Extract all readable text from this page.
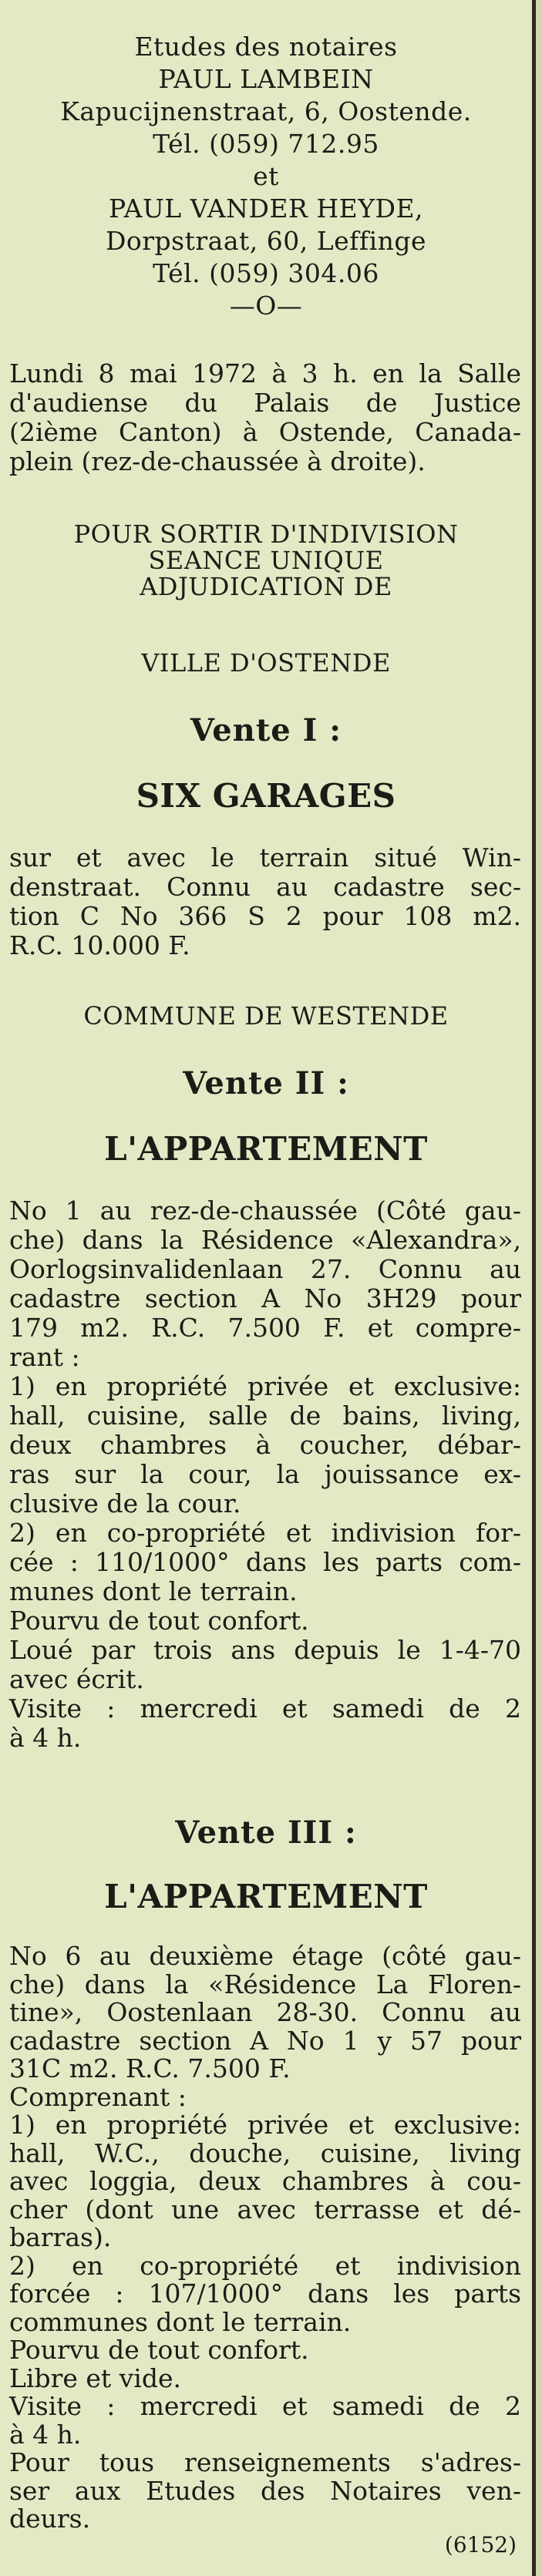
Etudes des notaires
PAUL LAMBEIN
Kapucijnenstraat, 6, Oostende.
Tél. (059) 712.95
et
PAUL VANDER HEYDE,
Dorpstraat, 60, Leffinge
Tél. (059) 304.06
—O—
Lundi 8 mai 1972 à 3 h. en la Salle
d'audiense du Palais de Justice
(2ième Canton) à Ostende, Canada-
plein (rez-de-chaussée à droite).
POUR SORTIR D'INDIVISION
SEANCE UNIQUE
ADJUDICATION DE
VILLE D'OSTENDE
Vente I :
SIX GARAGES
sur et avec le terrain situé Win-
denstraat. Connu au cadastre sec-
tion C No 366 S 2 pour 108 m2.
R.C. 10.000 F.
COMMUNE DE WESTENDE
Vente II :
L'APPARTEMENT
No 1 au rez-de-chaussée (Côté gau-
che) dans la Résidence «Alexandra»,
Oorlogsinvalidenlaan 27. Connu au
cadastre section A No 3H29 pour
179 m2. R.C. 7.500 F. et compre-
rant :
1) en propriété privée et exclusive:
hall, cuisine, salle de bains, living,
deux chambres à coucher, débar-
ras sur la cour, la jouissance ex-
clusive de la cour.
2) en co-propriété et indivision for-
cée : 110/1000° dans les parts com-
munes dont le terrain.
Pourvu de tout confort.
Loué par trois ans depuis le 1-4-70
avec écrit.
Visite : mercredi et samedi de 2
à 4 h.
Vente III :
L'APPARTEMENT
No 6 au deuxième étage (côté gau-
che) dans la «Résidence La Floren-
tine», Oostenlaan 28-30. Connu au
cadastre section A No 1 y 57 pour
31C m2. R.C. 7.500 F.
Comprenant :
1) en propriété privée et exclusive:
hall, W.C., douche, cuisine, living
avec loggia, deux chambres à cou-
cher (dont une avec terrasse et dé-
barras).
2) en co-propriété et indivision
forcée : 107/1000° dans les parts
communes dont le terrain.
Pourvu de tout confort.
Libre et vide.
Visite : mercredi et samedi de 2
à 4 h.
Pour tous renseignements s'adres-
ser aux Etudes des Notaires ven-
deurs.
(6152)
